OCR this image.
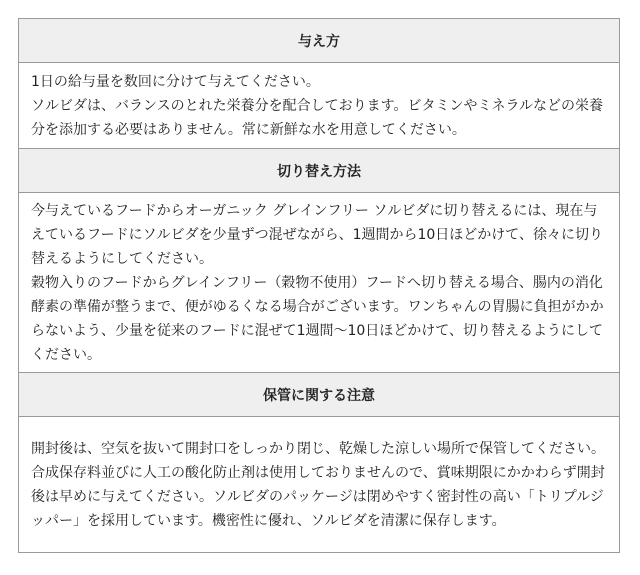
与え方

1日の給与量を数回に分けて与えてください。

ソルビダは、バランスのとれた栄養分を配合しております。ビタミンやミネラルなどの栄養分を添加する必要はありません。常に新鮮な水を用意してください。

切り替え方法

今与えているフードからオーガニック グレインフリー ソルビダに切り替えるには、現在与えているフードにソルビダを少量ずつ混ぜながら、1週間から10日ほどかけて、徐々に切り替えるようにしてください。

穀物入りのフードからグレインフリー（穀物不使用）フードへ切り替える場合、腸内の消化酵素の準備が整うまで、便がゆるくなる場合がございます。ワンちゃんの胃腸に負担がかからないよう、少量を従来のフードに混ぜて1週間〜10日ほどかけて、切り替えるようにしてください。

保管に関する注意

開封後は、空気を抜いて開封口をしっかり閉じ、乾燥した涼しい場所で保管してください。合成保存料並びに人工の酸化防止剤は使用しておりませんので、賞味期限にかかわらず開封後は早めに与えてください。ソルビダのパッケージは閉めやすく密封性の高い「トリプルジッパー」を採用しています。機密性に優れ、ソルビダを清潔に保存します。
